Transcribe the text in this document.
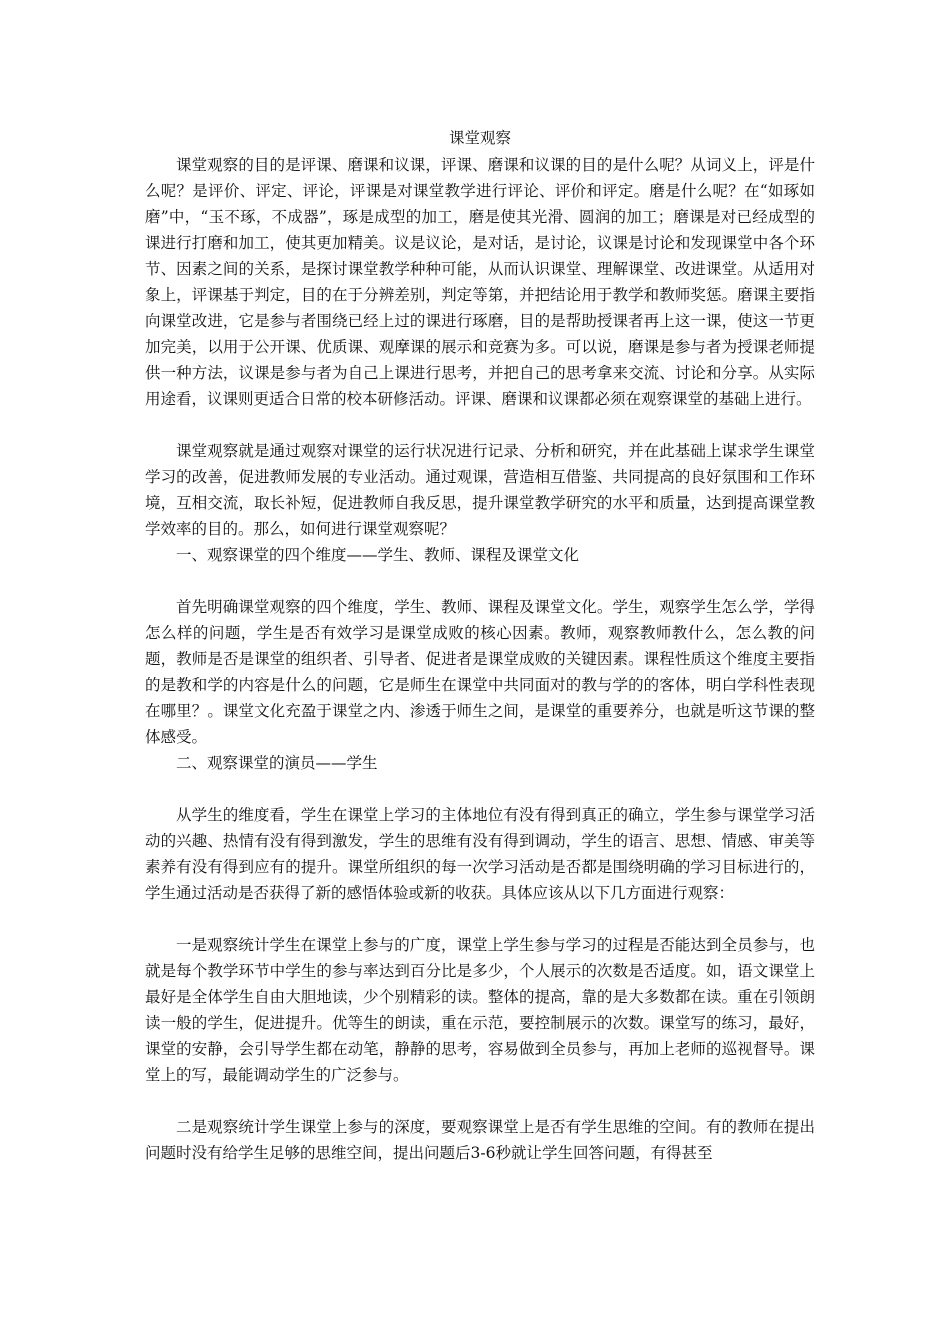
课堂观察

课堂观察的目的是评课、磨课和议课，评课、磨课和议课的目的是什么呢？从词义上，评是什么呢？是评价、评定、评论，评课是对课堂教学进行评论、评价和评定。磨是什么呢？在“如琢如磨”中，“玉不琢，不成器”，琢是成型的加工，磨是使其光滑、圆润的加工；磨课是对已经成型的课进行打磨和加工，使其更加精美。议是议论，是对话，是讨论，议课是讨论和发现课堂中各个环节、因素之间的关系，是探讨课堂教学种种可能，从而认识课堂、理解课堂、改进课堂。从适用对象上，评课基于判定，目的在于分辨差别，判定等第，并把结论用于教学和教师奖惩。磨课主要指向课堂改进，它是参与者围绕已经上过的课进行琢磨，目的是帮助授课者再上这一课，使这一节更加完美，以用于公开课、优质课、观摩课的展示和竞赛为多。可以说，磨课是参与者为授课老师提供一种方法，议课是参与者为自己上课进行思考，并把自己的思考拿来交流、讨论和分享。从实际用途看，议课则更适合日常的校本研修活动。评课、磨课和议课都必须在观察课堂的基础上进行。

课堂观察就是通过观察对课堂的运行状况进行记录、分析和研究，并在此基础上谋求学生课堂学习的改善，促进教师发展的专业活动。通过观课，营造相互借鉴、共同提高的良好氛围和工作环境，互相交流，取长补短，促进教师自我反思，提升课堂教学研究的水平和质量，达到提高课堂教学效率的目的。那么，如何进行课堂观察呢？

一、观察课堂的四个维度——学生、教师、课程及课堂文化

首先明确课堂观察的四个维度，学生、教师、课程及课堂文化。学生，观察学生怎么学，学得怎么样的问题，学生是否有效学习是课堂成败的核心因素。教师，观察教师教什么，怎么教的问题，教师是否是课堂的组织者、引导者、促进者是课堂成败的关键因素。课程性质这个维度主要指的是教和学的内容是什么的问题，它是师生在课堂中共同面对的教与学的的客体，明白学科性表现在哪里？。课堂文化充盈于课堂之内、渗透于师生之间，是课堂的重要养分，也就是听这节课的整体感受。

二、观察课堂的演员——学生

从学生的维度看，学生在课堂上学习的主体地位有没有得到真正的确立，学生参与课堂学习活动的兴趣、热情有没有得到激发，学生的思维有没有得到调动，学生的语言、思想、情感、审美等素养有没有得到应有的提升。课堂所组织的每一次学习活动是否都是围绕明确的学习目标进行的，学生通过活动是否获得了新的感悟体验或新的收获。具体应该从以下几方面进行观察：

一是观察统计学生在课堂上参与的广度，课堂上学生参与学习的过程是否能达到全员参与，也就是每个教学环节中学生的参与率达到百分比是多少，个人展示的次数是否适度。如，语文课堂上最好是全体学生自由大胆地读，少个别精彩的读。整体的提高，靠的是大多数都在读。重在引领朗读一般的学生，促进提升。优等生的朗读，重在示范，要控制展示的次数。课堂写的练习，最好，课堂的安静，会引导学生都在动笔，静静的思考，容易做到全员参与，再加上老师的巡视督导。课堂上的写，最能调动学生的广泛参与。

二是观察统计学生课堂上参与的深度，要观察课堂上是否有学生思维的空间。有的教师在提出问题时没有给学生足够的思维空间，提出问题后3-6秒就让学生回答问题，有得甚至
